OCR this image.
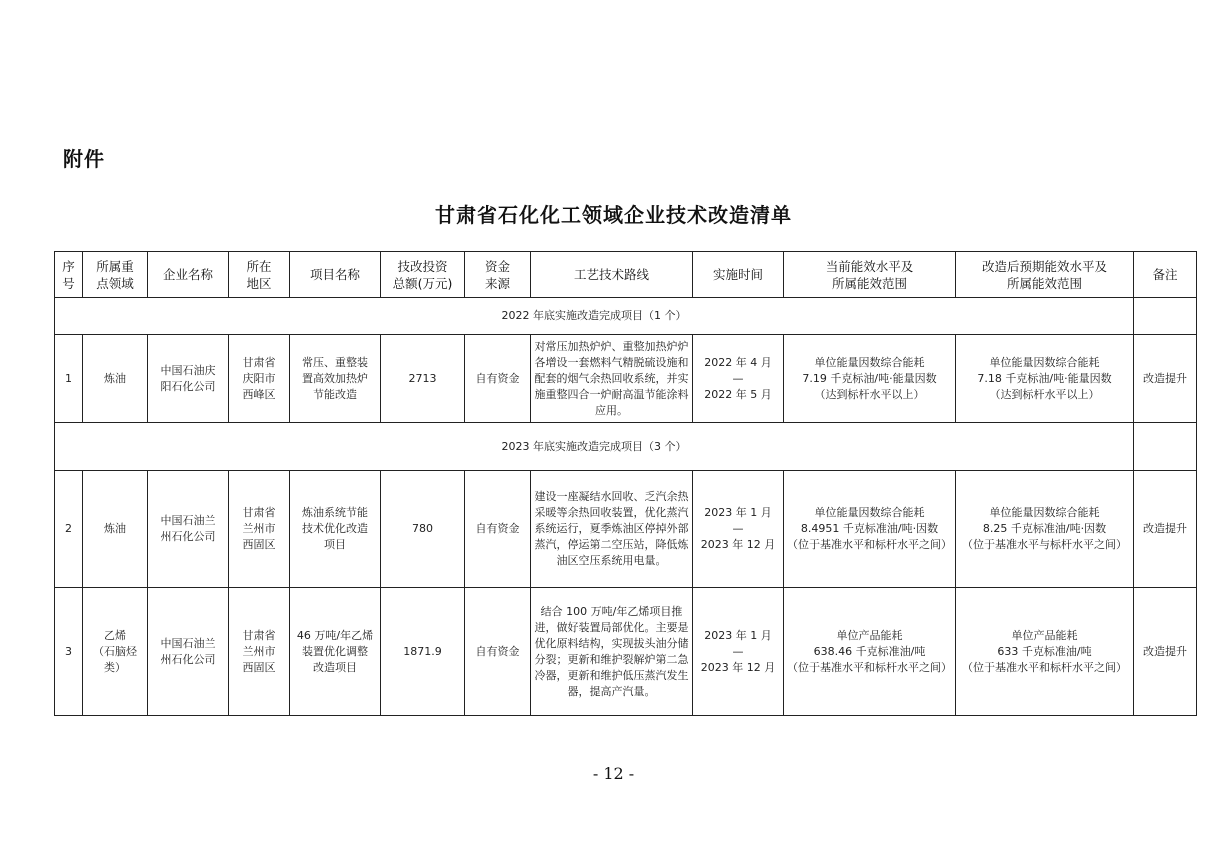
附件
甘肃省石化化工领域企业技术改造清单
序
号	所属重
点领域	企业名称	所在
地区	项目名称	技改投资
总额(万元)	资金
来源	工艺技术路线	实施时间	当前能效水平及
所属能效范围	改造后预期能效水平及
所属能效范围	备注
2022 年底实施改造完成项目（1 个）											
1	炼油	中国石油庆
阳石化公司	甘肃省
庆阳市
西峰区	常压、重整装
置高效加热炉
节能改造	2713	自有资金	对常压加热炉炉、重整加热炉炉各增设一套燃料气精脱硫设施和配套的烟气余热回收系统，并实施重整四合一炉耐高温节能涂料应用。	2022 年 4 月
—
2022 年 5 月	单位能量因数综合能耗
7.19 千克标油/吨·能量因数
（达到标杆水平以上）	单位能量因数综合能耗
7.18 千克标油/吨·能量因数
（达到标杆水平以上）	改造提升
2023 年底实施改造完成项目（3 个）											
2	炼油	中国石油兰
州石化公司	甘肃省
兰州市
西固区	炼油系统节能
技术优化改造
项目	780	自有资金	建设一座凝结水回收、乏汽余热采暖等余热回收装置，优化蒸汽系统运行，夏季炼油区停掉外部蒸汽，停运第二空压站，降低炼油区空压系统用电量。	2023 年 1 月
—
2023 年 12 月	单位能量因数综合能耗
8.4951 千克标准油/吨·因数
（位于基准水平和标杆水平之间）	单位能量因数综合能耗
8.25 千克标准油/吨·因数
（位于基准水平与标杆水平之间）	改造提升
3	乙烯
（石脑烃
类）	中国石油兰
州石化公司	甘肃省
兰州市
西固区	46 万吨/年乙烯
装置优化调整
改造项目	1871.9	自有资金	结合 100 万吨/年乙烯项目推进，做好装置局部优化。主要是优化原料结构，实现拔头油分储分裂；更新和维护裂解炉第二急冷器，更新和维护低压蒸汽发生器，提高产汽量。	2023 年 1 月
—
2023 年 12 月	单位产品能耗
638.46 千克标准油/吨
（位于基准水平和标杆水平之间）	单位产品能耗
633 千克标准油/吨
（位于基准水平和标杆水平之间）	改造提升
- 12 -
